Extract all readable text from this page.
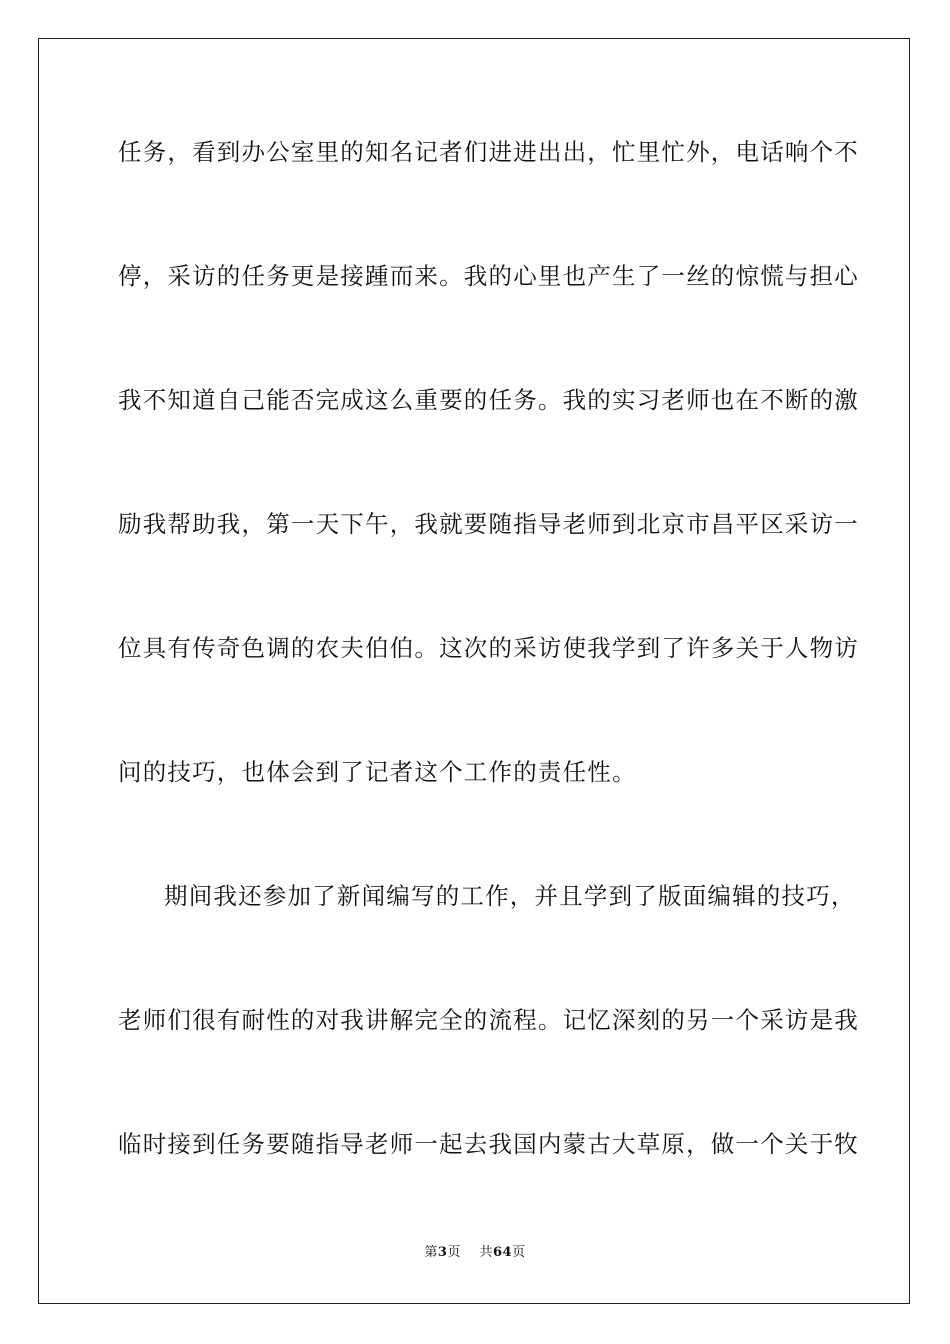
任务，看到办公室里的知名记者们进进出出，忙里忙外，电话响个不
停，采访的任务更是接踵而来。我的心里也产生了一丝的惊慌与担心
我不知道自己能否完成这么重要的任务。我的实习老师也在不断的激
励我帮助我，第一天下午，我就要随指导老师到北京市昌平区采访一
位具有传奇色调的农夫伯伯。这次的采访使我学到了许多关于人物访
问的技巧，也体会到了记者这个工作的责任性。
期间我还参加了新闻编写的工作，并且学到了版面编辑的技巧，
老师们很有耐性的对我讲解完全的流程。记忆深刻的另一个采访是我
临时接到任务要随指导老师一起去我国内蒙古大草原，做一个关于牧
第3页 共64页
